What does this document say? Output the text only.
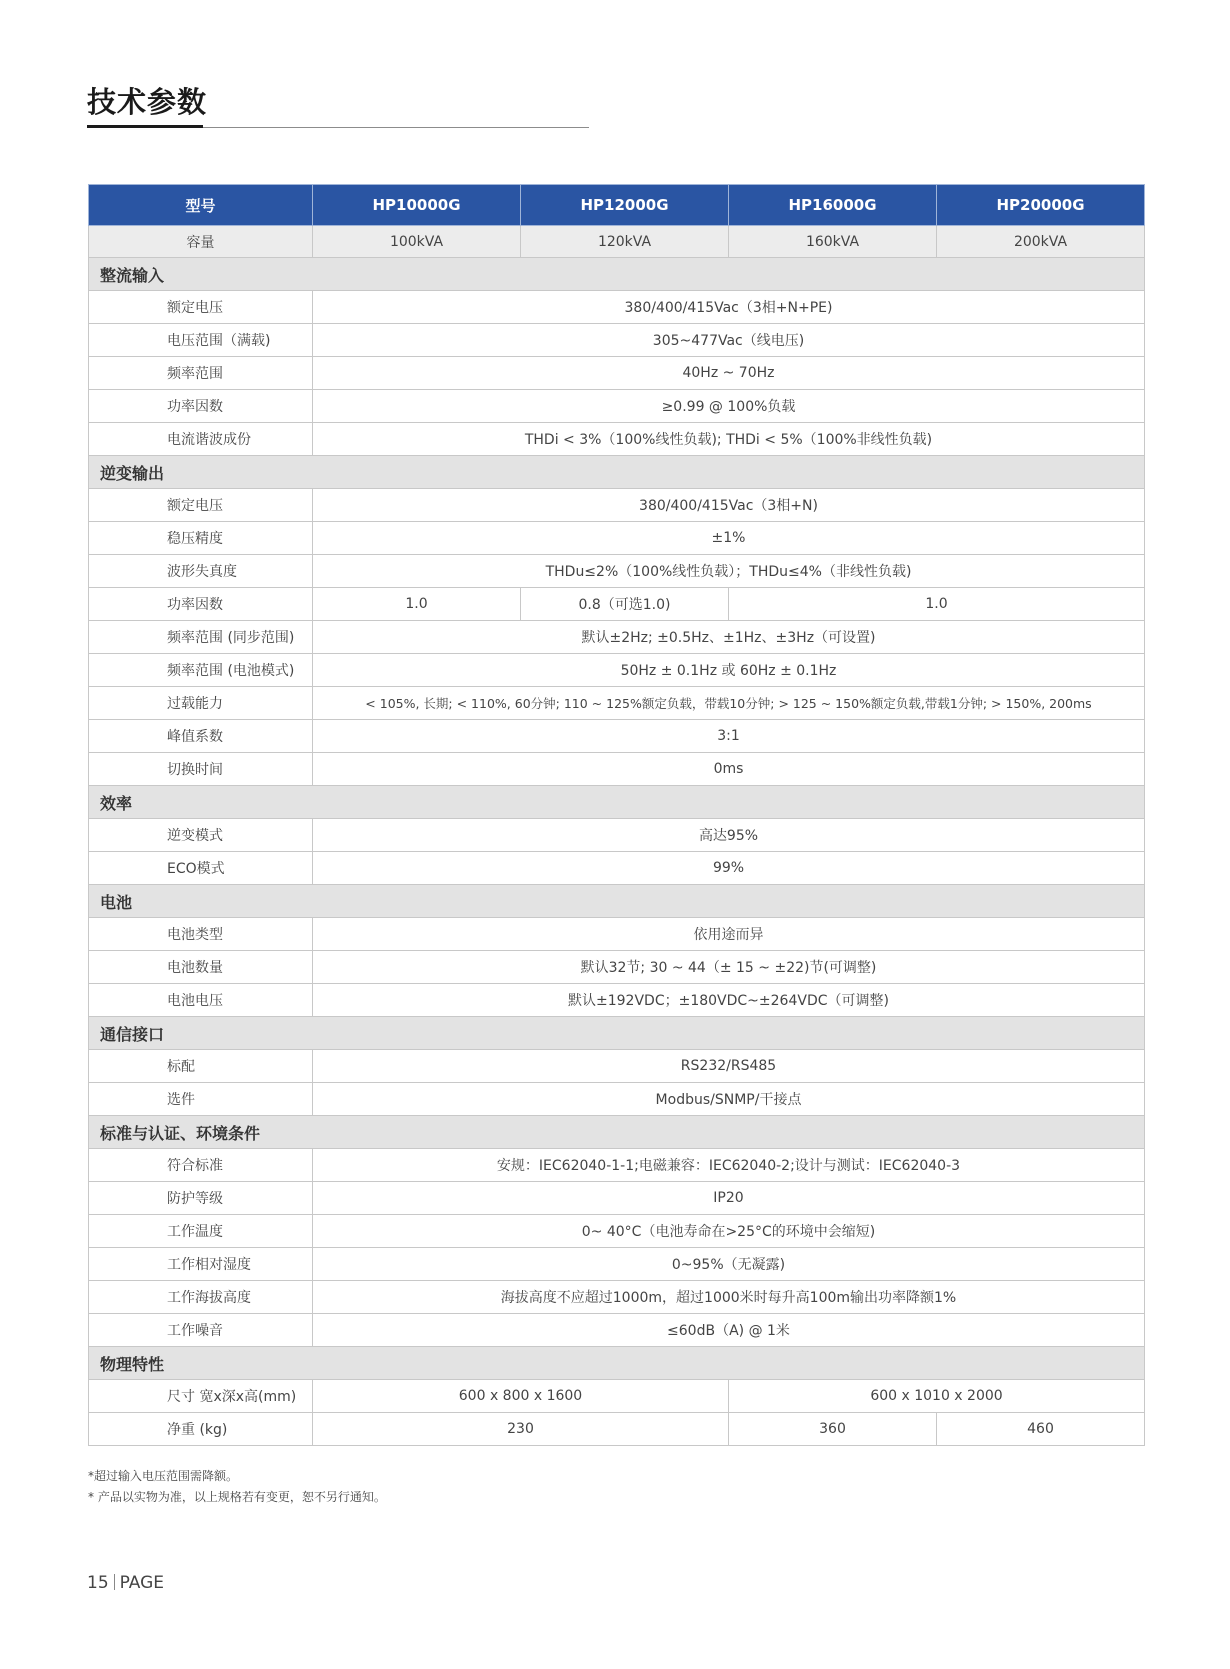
技术参数
型号	HP10000G	HP12000G	HP16000G	HP20000G
容量	100kVA	120kVA	160kVA	200kVA
整流输入				
额定电压	380/400/415Vac（3相+N+PE)			
电压范围（满载)	305~477Vac（线电压)			
频率范围	40Hz ~ 70Hz			
功率因数	≥0.99 @ 100%负载			
电流谐波成份	THDi < 3%（100%线性负载); THDi < 5%（100%非线性负载)			
逆变输出				
额定电压	380/400/415Vac（3相+N)			
稳压精度	±1%			
波形失真度	THDu≤2%（100%线性负载）；THDu≤4%（非线性负载)			
功率因数	1.0	0.8（可选1.0)	1.0	
频率范围 (同步范围)	默认±2Hz; ±0.5Hz、±1Hz、±3Hz（可设置)			
频率范围 (电池模式)	50Hz ± 0.1Hz 或 60Hz ± 0.1Hz			
过载能力	< 105%, 长期; < 110%, 60分钟; 110 ~ 125%额定负载，带载10分钟; > 125 ~ 150%额定负载,带载1分钟; > 150%, 200ms			
峰值系数	3:1			
切换时间	0ms			
效率				
逆变模式	高达95%			
ECO模式	99%			
电池				
电池类型	依用途而异			
电池数量	默认32节; 30 ~ 44（± 15 ~ ±22)节(可调整)			
电池电压	默认±192VDC；±180VDC~±264VDC（可调整)			
通信接口				
标配	RS232/RS485			
选件	Modbus/SNMP/干接点			
标准与认证、环境条件				
符合标准	安规：IEC62040-1-1;电磁兼容：IEC62040-2;设计与测试：IEC62040-3			
防护等级	IP20			
工作温度	0~ 40°C（电池寿命在>25°C的环境中会缩短)			
工作相对湿度	0~95%（无凝露)			
工作海拔高度	海拔高度不应超过1000m，超过1000米时每升高100m输出功率降额1%			
工作噪音	≤60dB（A) @ 1米			
物理特性				
尺寸 宽x深x高(mm)	600 x 800 x 1600		600 x 1010 x 2000	
净重 (kg)	230		360	460

*超过输入电压范围需降额。

* 产品以实物为准，以上规格若有变更，恕不另行通知。

15 PAGE
